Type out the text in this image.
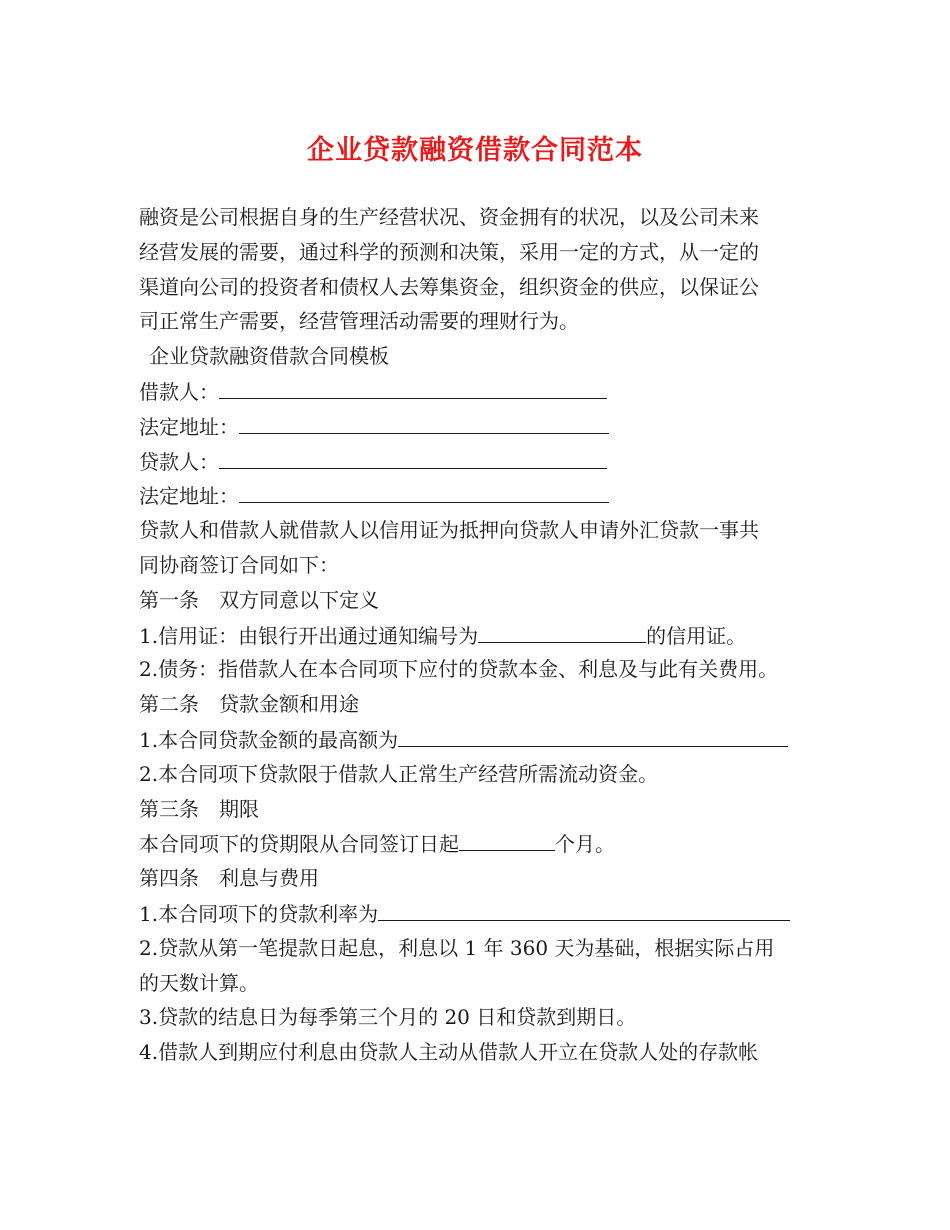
企业贷款融资借款合同范本
融资是公司根据自身的生产经营状况、资金拥有的状况，以及公司未来
经营发展的需要，通过科学的预测和决策，采用一定的方式，从一定的
渠道向公司的投资者和债权人去筹集资金，组织资金的供应，以保证公
司正常生产需要，经营管理活动需要的理财行为。
企业贷款融资借款合同模板
借款人：
法定地址：
贷款人：
法定地址：
贷款人和借款人就借款人以信用证为抵押向贷款人申请外汇贷款一事共
同协商签订合同如下：
第一条　双方同意以下定义
1.信用证：由银行开出通过通知编号为	的信用证。
2.债务：指借款人在本合同项下应付的贷款本金、利息及与此有关费用。
第二条　贷款金额和用途
1.本合同贷款金额的最高额为
2.本合同项下贷款限于借款人正常生产经营所需流动资金。
第三条　期限
本合同项下的贷期限从合同签订日起	个月。
第四条　利息与费用
1.本合同项下的贷款利率为
2.贷款从第一笔提款日起息，利息以 1 年 360 天为基础，根据实际占用
的天数计算。
3.贷款的结息日为每季第三个月的 20 日和贷款到期日。
4.借款人到期应付利息由贷款人主动从借款人开立在贷款人处的存款帐
